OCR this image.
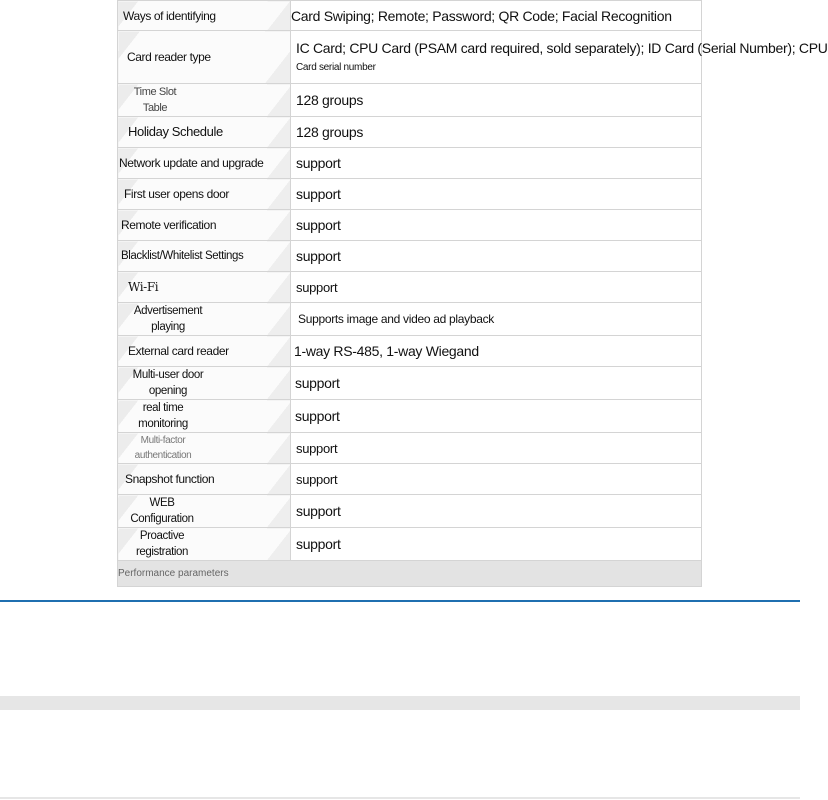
Ways of identifying	Card Swiping; Remote; Password; QR Code; Facial Recognition
Card reader type	IC Card; CPU Card (PSAM card required, sold separately); ID Card (Serial Number); CPU
Card serial number

Time Slot Table	128 groups
Holiday Schedule	128 groups
Network update and upgrade	support
First user opens door	support
Remote verification	support
Blacklist/Whitelist Settings	support
Wi-Fi	support

Advertisement playing	Supports image and video ad playback
External card reader	1-way RS-485, 1-way Wiegand

Multi-user door opening	support

real time monitoring	support

Multi-factor authentication	support
Snapshot function	support

WEB Configuration	support

Proactive registration	support
Performance parameters	
